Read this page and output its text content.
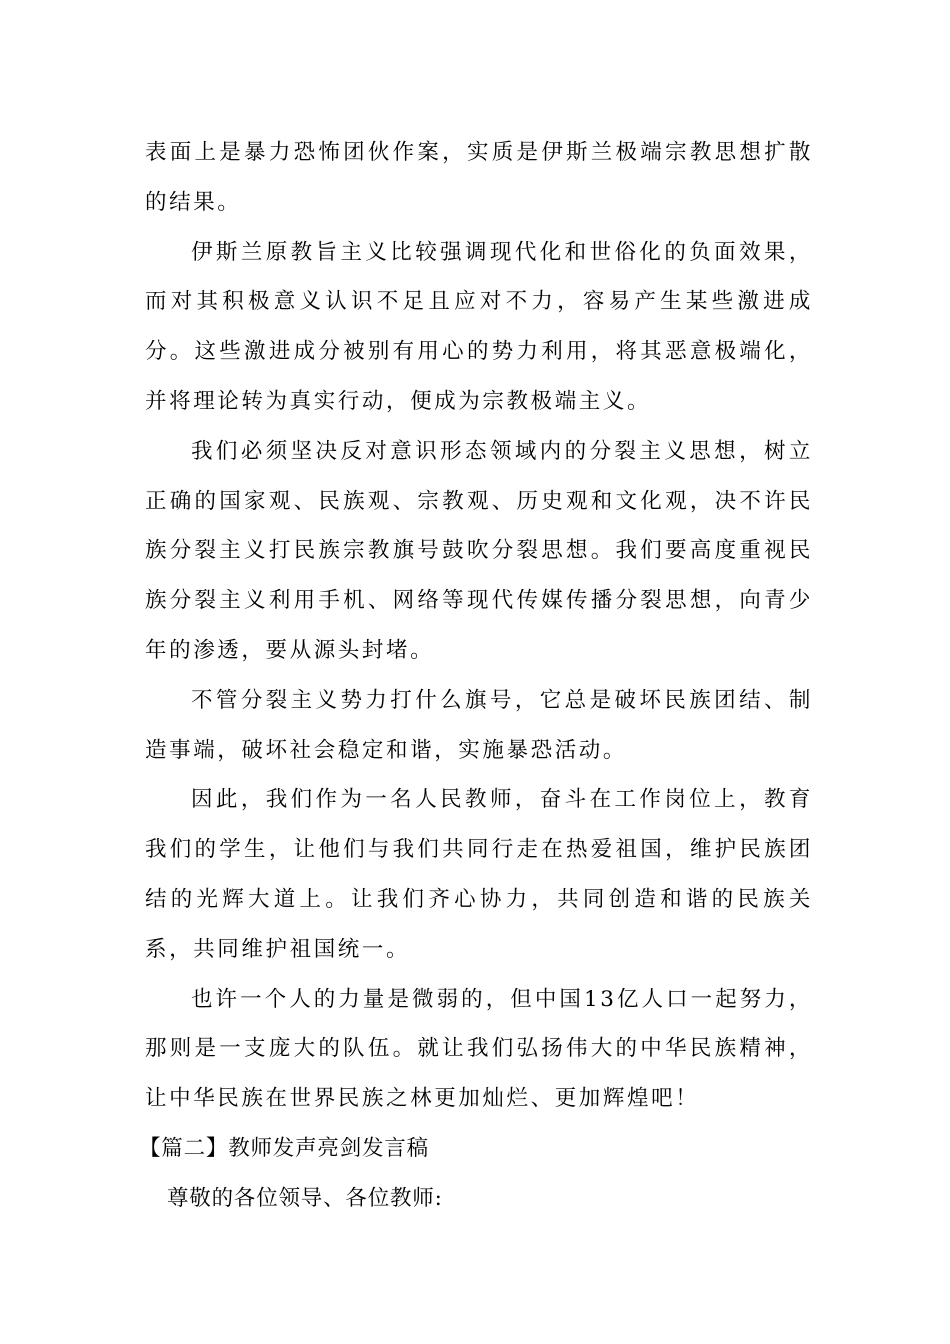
表面上是暴力恐怖团伙作案，实质是伊斯兰极端宗教思想扩散的结果。

伊斯兰原教旨主义比较强调现代化和世俗化的负面效果，而对其积极意义认识不足且应对不力，容易产生某些激进成分。这些激进成分被别有用心的势力利用，将其恶意极端化，并将理论转为真实行动，便成为宗教极端主义。

我们必须坚决反对意识形态领域内的分裂主义思想，树立正确的国家观、民族观、宗教观、历史观和文化观，决不许民族分裂主义打民族宗教旗号鼓吹分裂思想。我们要高度重视民族分裂主义利用手机、网络等现代传媒传播分裂思想，向青少年的渗透，要从源头封堵。

不管分裂主义势力打什么旗号，它总是破坏民族团结、制造事端，破坏社会稳定和谐，实施暴恐活动。

因此，我们作为一名人民教师，奋斗在工作岗位上，教育我们的学生，让他们与我们共同行走在热爱祖国，维护民族团结的光辉大道上。让我们齐心协力，共同创造和谐的民族关系，共同维护祖国统一。

也许一个人的力量是微弱的，但中国13亿人口一起努力，那则是一支庞大的队伍。就让我们弘扬伟大的中华民族精神，让中华民族在世界民族之林更加灿烂、更加辉煌吧！

【篇二】教师发声亮剑发言稿

尊敬的各位领导、各位教师:
